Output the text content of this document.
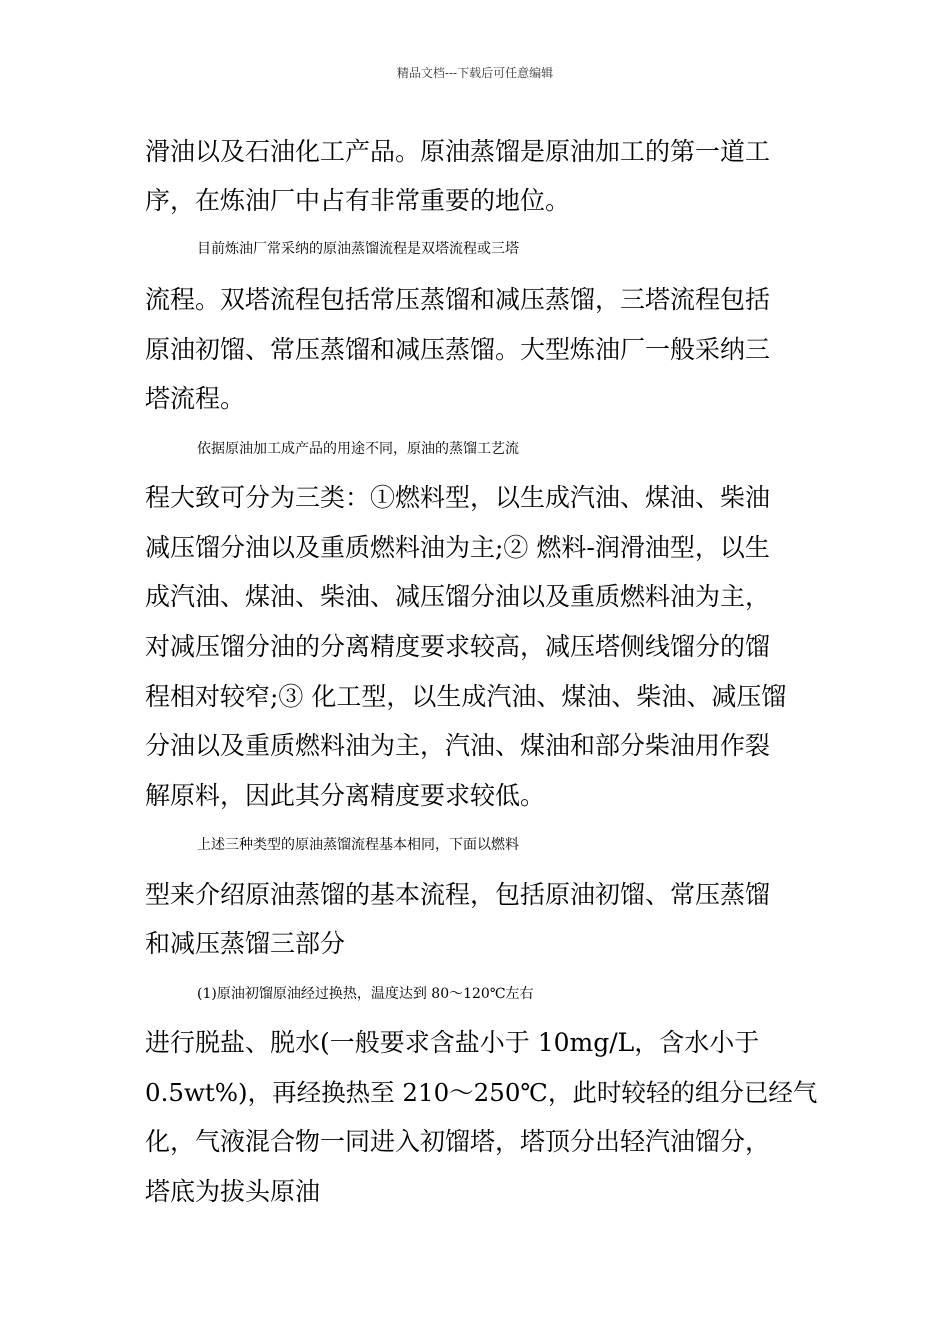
精品文档---下载后可任意编辑
滑油以及石油化工产品。原油蒸馏是原油加工的第一道工
序，在炼油厂中占有非常重要的地位。
目前炼油厂常采纳的原油蒸馏流程是双塔流程或三塔
流程。双塔流程包括常压蒸馏和减压蒸馏，三塔流程包括
原油初馏、常压蒸馏和减压蒸馏。大型炼油厂一般采纳三
塔流程。
依据原油加工成产品的用途不同，原油的蒸馏工艺流
程大致可分为三类：①燃料型，以生成汽油、煤油、柴油
减压馏分油以及重质燃料油为主;② 燃料-润滑油型，以生
成汽油、煤油、柴油、减压馏分油以及重质燃料油为主，
对减压馏分油的分离精度要求较高，减压塔侧线馏分的馏
程相对较窄;③ 化工型，以生成汽油、煤油、柴油、减压馏
分油以及重质燃料油为主，汽油、煤油和部分柴油用作裂
解原料，因此其分离精度要求较低。
上述三种类型的原油蒸馏流程基本相同，下面以燃料
型来介绍原油蒸馏的基本流程，包括原油初馏、常压蒸馏
和减压蒸馏三部分
(1)原油初馏原油经过换热，温度达到 80～120℃左右
进行脱盐、脱水(一般要求含盐小于 10mg/L，含水小于
0.5wt%)，再经换热至 210～250℃，此时较轻的组分已经气
化，气液混合物一同进入初馏塔，塔顶分出轻汽油馏分，
塔底为拔头原油
